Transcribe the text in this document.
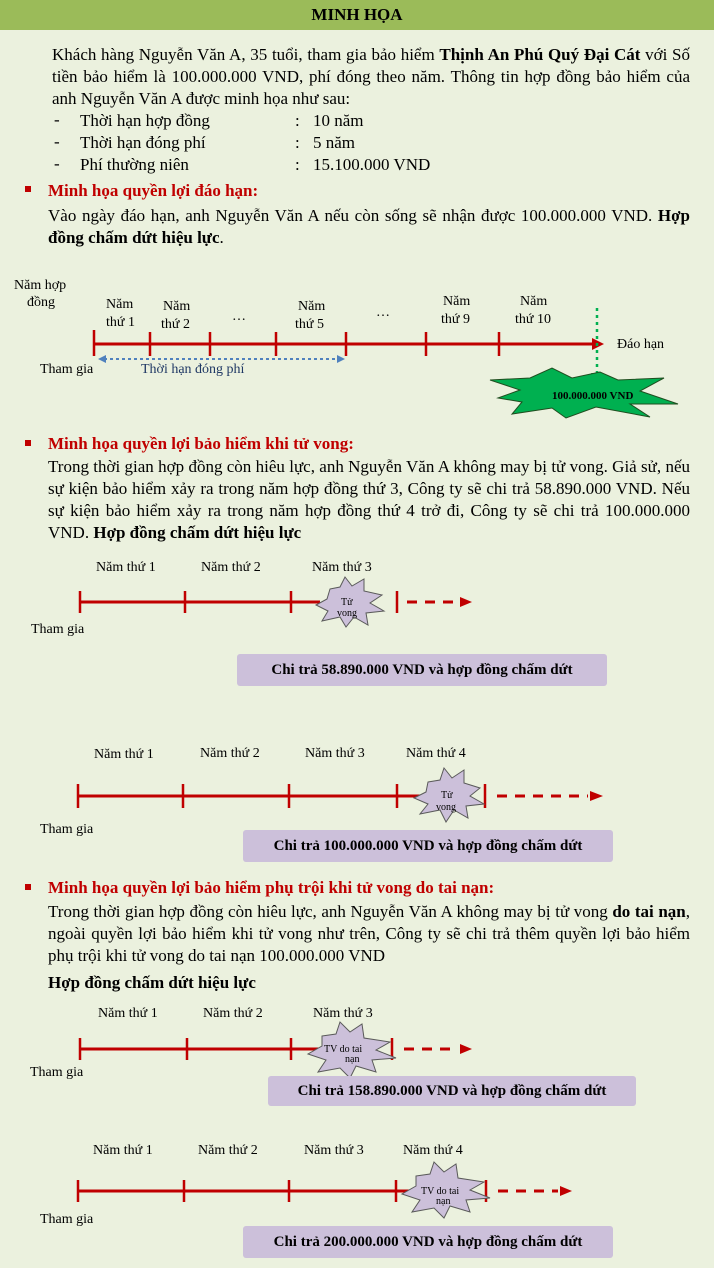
MINH HỌA
Khách hàng Nguyễn Văn A, 35 tuổi, tham gia bảo hiểm Thịnh An Phú Quý Đại Cát với Số tiền bảo hiểm là 100.000.000 VND, phí đóng theo năm. Thông tin hợp đồng bảo hiểm của anh Nguyễn Văn A được minh họa như sau:
- Thời hạn hợp đồng	: 10 năm
- Thời hạn đóng phí	: 5 năm
- Phí thường niên	: 15.100.000 VND
Minh họa quyền lợi đáo hạn:
Vào ngày đáo hạn, anh Nguyễn Văn A nếu còn sống sẽ nhận được 100.000.000 VND. Hợp đồng chấm dứt hiệu lực.
Năm hợp
đồng	Năm
thứ 1
Năm
thứ 2
…
Năm
thứ 5
…
Năm
thứ 9
Năm
thứ 10
Đáo hạn
Tham gia	Thời hạn đóng phí
100.000.000 VND
Minh họa quyền lợi bảo hiểm khi tử vong:
Trong thời gian hợp đồng còn hiêu lực, anh Nguyễn Văn A không may bị tử vong. Giả sử, nếu sự kiện bảo hiểm xảy ra trong năm hợp đồng thứ 3, Công ty sẽ chi trả 58.890.000 VND. Nếu sự kiện bảo hiểm xảy ra trong năm hợp đồng thứ 4 trở đi, Công ty sẽ chi trả 100.000.000 VND. Hợp đồng chấm dứt hiệu lực
Năm thứ 1	Năm thứ 2	Năm thứ 3
Tử
vong
Tham gia
Chi trả 58.890.000 VND và hợp đồng chấm dứt
Năm thứ 1	Năm thứ 2	Năm thứ 3	Năm thứ 4
Tử
vong
Tham gia
Chi trả 100.000.000 VND và hợp đồng chấm dứt
Minh họa quyền lợi bảo hiểm phụ trội khi tử vong do tai nạn:
Trong thời gian hợp đồng còn hiêu lực, anh Nguyễn Văn A không may bị tử vong do tai nạn, ngoài quyền lợi bảo hiểm khi tử vong như trên, Công ty sẽ chi trả thêm quyền lợi bảo hiểm phụ trội khi tử vong do tai nạn 100.000.000 VND
Hợp đồng chấm dứt hiệu lực
Năm thứ 1	Năm thứ 2	Năm thứ 3
TV do tai
nạn
Tham gia
Chi trả 158.890.000 VND và hợp đồng chấm dứt
Năm thứ 1	Năm thứ 2	Năm thứ 3	Năm thứ 4
TV do tai
nạn
Tham gia
Chi trả 200.000.000 VND và hợp đồng chấm dứt
